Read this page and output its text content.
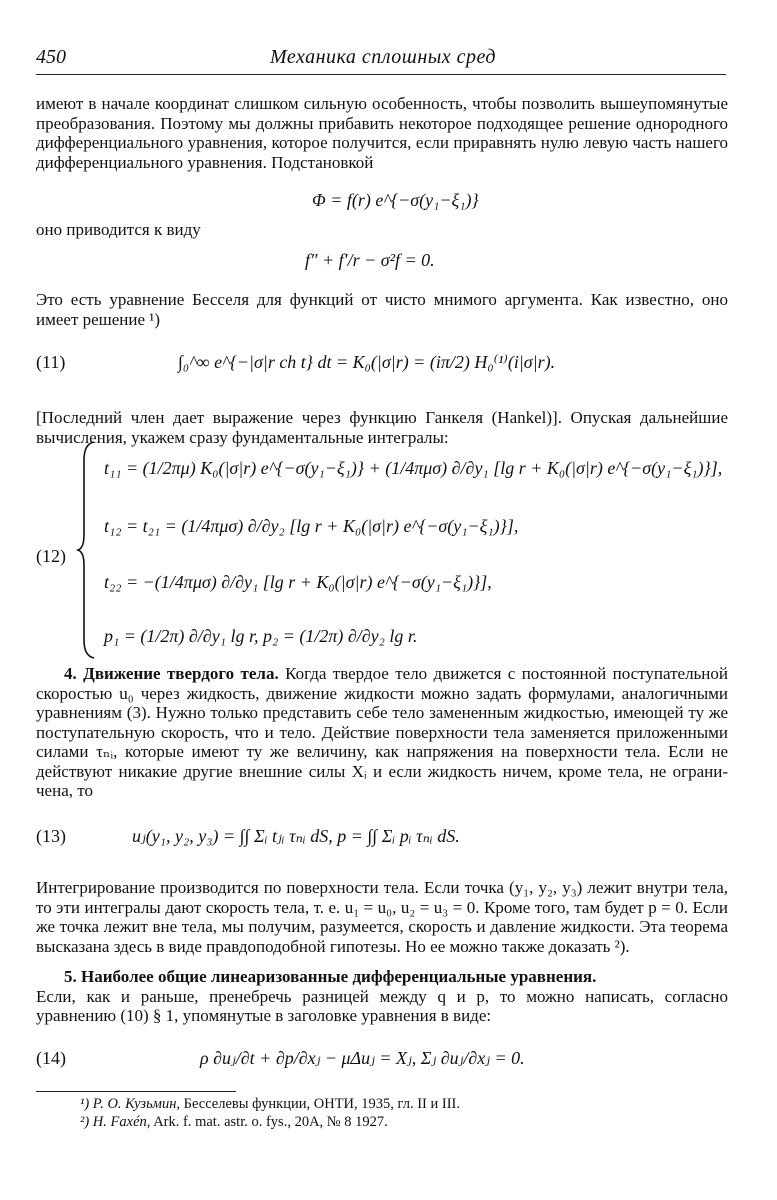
450	Механика сплошных сред
имеют в начале координат слишком сильную особенность, чтобы позволить вышеупомянутые преобразования. Поэтому мы должны прибавить некоторое подходящее решение однородного дифференциального уравнения, которое получится, если приравнять нулю левую часть нашего дифференциального уравнения. Подстановкой
Φ = f(r) e^{−σ(y₁−ξ₁)}
оно приводится к виду
f″ + f′/r − σ²f = 0.
Это есть уравнение Бесселя для функций от чисто мнимого аргумента. Как известно, оно имеет решение ¹)
(11)	∫₀^∞ e^{−|σ|r ch t} dt = K₀(|σ|r) = (iπ/2) H₀⁽¹⁾(i|σ|r).
[Последний член дает выражение через функцию Ганкеля (Hankel)]. Опуская дальнейшие вычисления, укажем сразу фундаментальные интегралы:
(12)
t₁₁ = (1/2πμ) K₀(|σ|r) e^{−σ(y₁−ξ₁)} + (1/4πμσ) ∂/∂y₁ [lg r + K₀(|σ|r) e^{−σ(y₁−ξ₁)}],
t₁₂ = t₂₁ = (1/4πμσ) ∂/∂y₂ [lg r + K₀(|σ|r) e^{−σ(y₁−ξ₁)}],
t₂₂ = −(1/4πμσ) ∂/∂y₁ [lg r + K₀(|σ|r) e^{−σ(y₁−ξ₁)}],
p₁ = (1/2π) ∂/∂y₁ lg r, p₂ = (1/2π) ∂/∂y₂ lg r.
4. Движение твердого тела. Когда твердое тело движется с постоянной поступательной скоростью u₀ через жидкость, движение жидкости можно задать формулами, аналогичными уравнениям (3). Нужно только представить себе тело замененным жидкостью, имеющей ту же поступательную скорость, что и тело. Действие поверхности тела заменяется приложенными силами τₙᵢ, которые имеют ту же величину, как напряжения на поверхности тела. Если не действуют никакие другие внешние силы Xᵢ и если жидкость ничем, кроме тела, не ограничена, то
(13)	uⱼ(y₁, y₂, y₃) = ∫∫ Σᵢ tⱼᵢ τₙᵢ dS, p = ∫∫ Σᵢ pᵢ τₙᵢ dS.
Интегрирование производится по поверхности тела. Если точка (y₁, y₂, y₃) лежит внутри тела, то эти интегралы дают скорость тела, т. е. u₁ = u₀, u₂ = u₃ = 0. Кроме того, там будет p = 0. Если же точка лежит вне тела, мы получим, разумеется, скорость и давление жидкости. Эта теорема высказана здесь в виде правдоподобной гипотезы. Но ее можно также доказать ²).
5. Наиболее общие линеаризованные дифференциальные уравнения.
Если, как и раньше, пренебречь разницей между q и p, то можно написать, согласно уравнению (10) § 1, упомянутые в заголовке уравнения в виде:
(14)	ρ ∂uⱼ/∂t + ∂p/∂xⱼ − μΔuⱼ = Xⱼ, Σⱼ ∂uⱼ/∂xⱼ = 0.
¹) Р. О. Кузьмин, Бесселевы функции, ОНТИ, 1935, гл. II и III.
²) H. Faxén, Ark. f. mat. astr. o. fys., 20A, № 8 1927.
